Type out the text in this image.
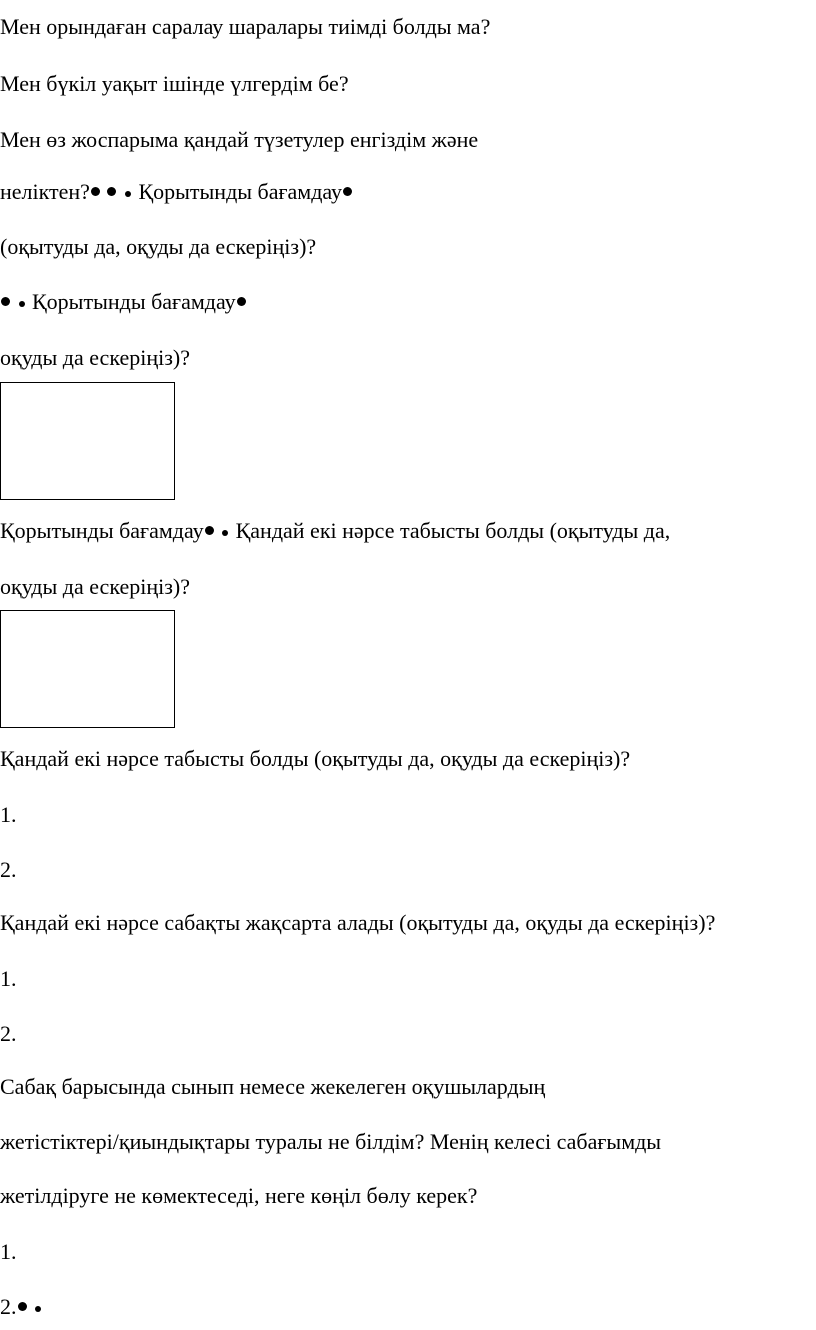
Мен орындаған саралау шаралары тиімді болды ма?
Мен бүкіл уақыт ішінде үлгердім бе?
Мен өз жоспарыма қандай түзетулер енгіздім және
неліктен? Қорытынды бағамдау
(оқытуды да, оқуды да ескеріңіз)?
Қорытынды бағамдау
оқуды да ескеріңіз)?
Қорытынды бағамдау Қандай екі нәрсе табысты болды (оқытуды да,
оқуды да ескеріңіз)?
Қандай екі нәрсе табысты болды (оқытуды да, оқуды да ескеріңіз)?
1.
2.
Қандай екі нәрсе сабақты жақсарта алады (оқытуды да, оқуды да ескеріңіз)?
1.
2.
Сабақ барысында сынып немесе жекелеген оқушылардың
жетістіктері/қиындықтары туралы не білдім? Менің келесі сабағымды
жетілдіруге не көмектеседі, неге көңіл бөлу керек?
1.
2.
